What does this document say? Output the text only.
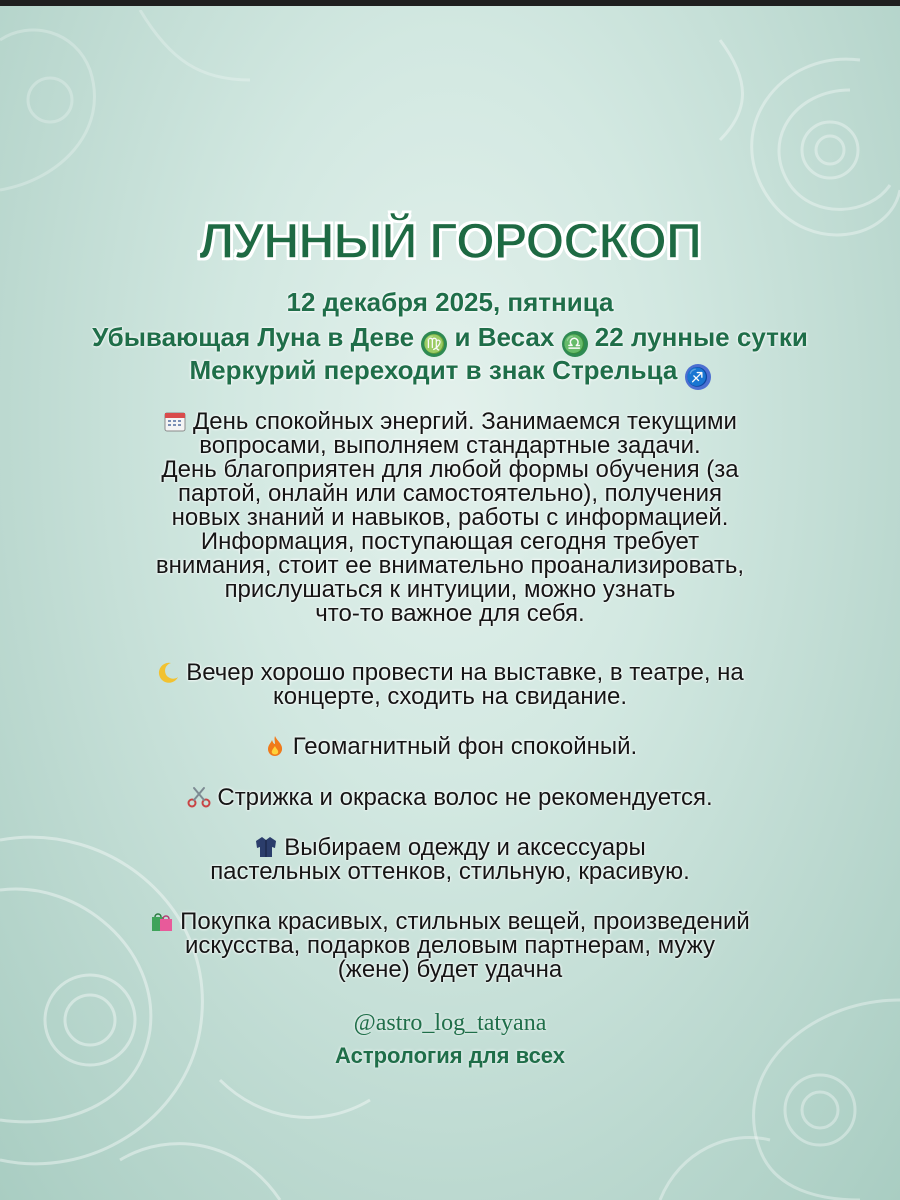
ЛУННЫЙ ГОРОСКОП
12 декабря 2025, пятница
Убывающая Луна в Деве ♍ и Весах ♎ 22 лунные сутки
Меркурий переходит в знак Стрельца ♐
День спокойных энергий. Занимаемся текущими
вопросами, выполняем стандартные задачи.
День благоприятен для любой формы обучения (за
партой, онлайн или самостоятельно), получения
новых знаний и навыков, работы с информацией.
Информация, поступающая сегодня требует
внимания, стоит ее внимательно проанализировать,
прислушаться к интуиции, можно узнать
что-то важное для себя.
Вечер хорошо провести на выставке, в театре, на
концерте, сходить на свидание.
Геомагнитный фон спокойный.
Стрижка и окраска волос не рекомендуется.
Выбираем одежду и аксессуары
пастельных оттенков, стильную, красивую.
Покупка красивых, стильных вещей, произведений
искусства, подарков деловым партнерам, мужу
(жене) будет удачна
@astro_log_tatyana
Астрология для всех
